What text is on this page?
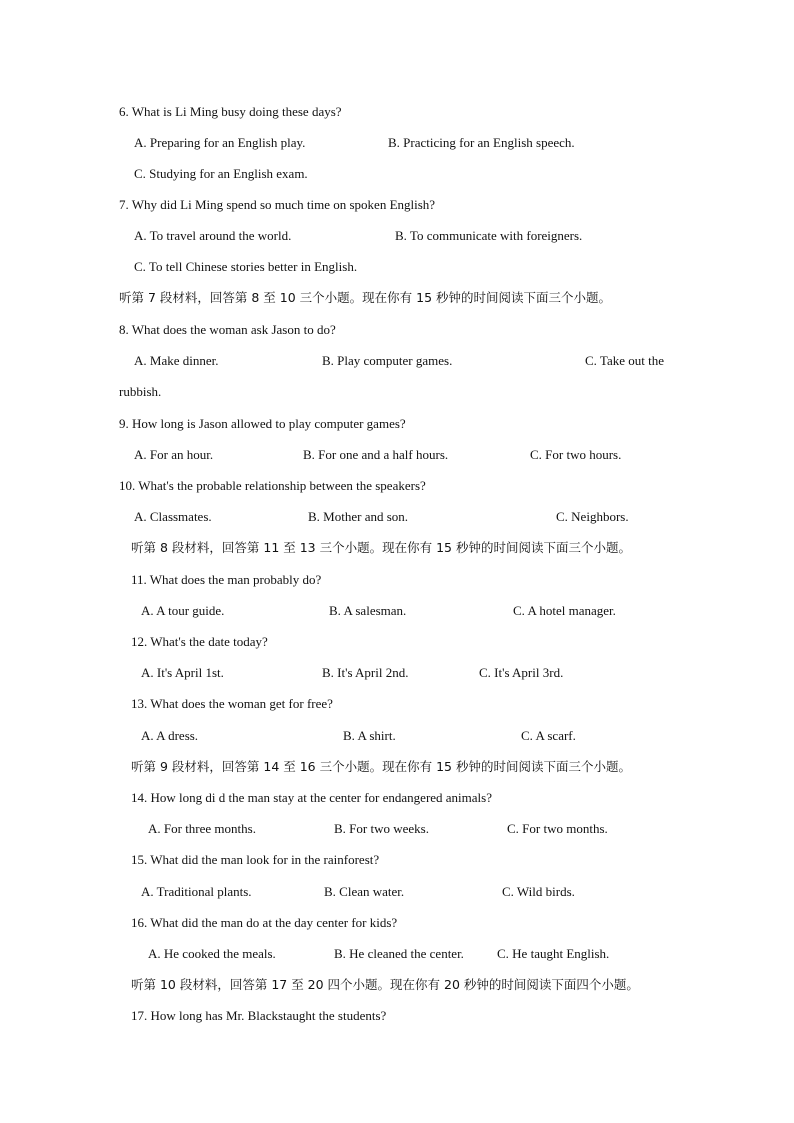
6. What is Li Ming busy doing these days?
A. Preparing for an English play.	B. Practicing for an English speech.
C. Studying for an English exam.
7. Why did Li Ming spend so much time on spoken English?
A. To travel around the world.	B. To communicate with foreigners.
C. To tell Chinese stories better in English.
听第 7 段材料，回答第 8 至 10 三个小题。现在你有 15 秒钟的时间阅读下面三个小题。
8. What does the woman ask Jason to do?
A. Make dinner.	B. Play computer games.	C. Take out the
rubbish.
9. How long is Jason allowed to play computer games?
A. For an hour.	B. For one and a half hours.	C. For two hours.
10. What's the probable relationship between the speakers?
A. Classmates.	B. Mother and son.	C. Neighbors.
听第 8 段材料，回答第 11 至 13 三个小题。现在你有 15 秒钟的时间阅读下面三个小题。
11. What does the man probably do?
A. A tour guide.	B. A salesman.	C. A hotel manager.
12. What's the date today?
A. It's April 1st.	B. It's April 2nd.	C. It's April 3rd.
13. What does the woman get for free?
A. A dress.	B. A shirt.	C. A scarf.
听第 9 段材料，回答第 14 至 16 三个小题。现在你有 15 秒钟的时间阅读下面三个小题。
14. How long di d the man stay at the center for endangered animals?
A. For three months.	B. For two weeks.	C. For two months.
15. What did the man look for in the rainforest?
A. Traditional plants.	B. Clean water.	C. Wild birds.
16. What did the man do at the day center for kids?
A. He cooked the meals.	B. He cleaned the center.	C. He taught English.
听第 10 段材料，回答第 17 至 20 四个小题。现在你有 20 秒钟的时间阅读下面四个小题。
17. How long has Mr. Blackstaught the students?
